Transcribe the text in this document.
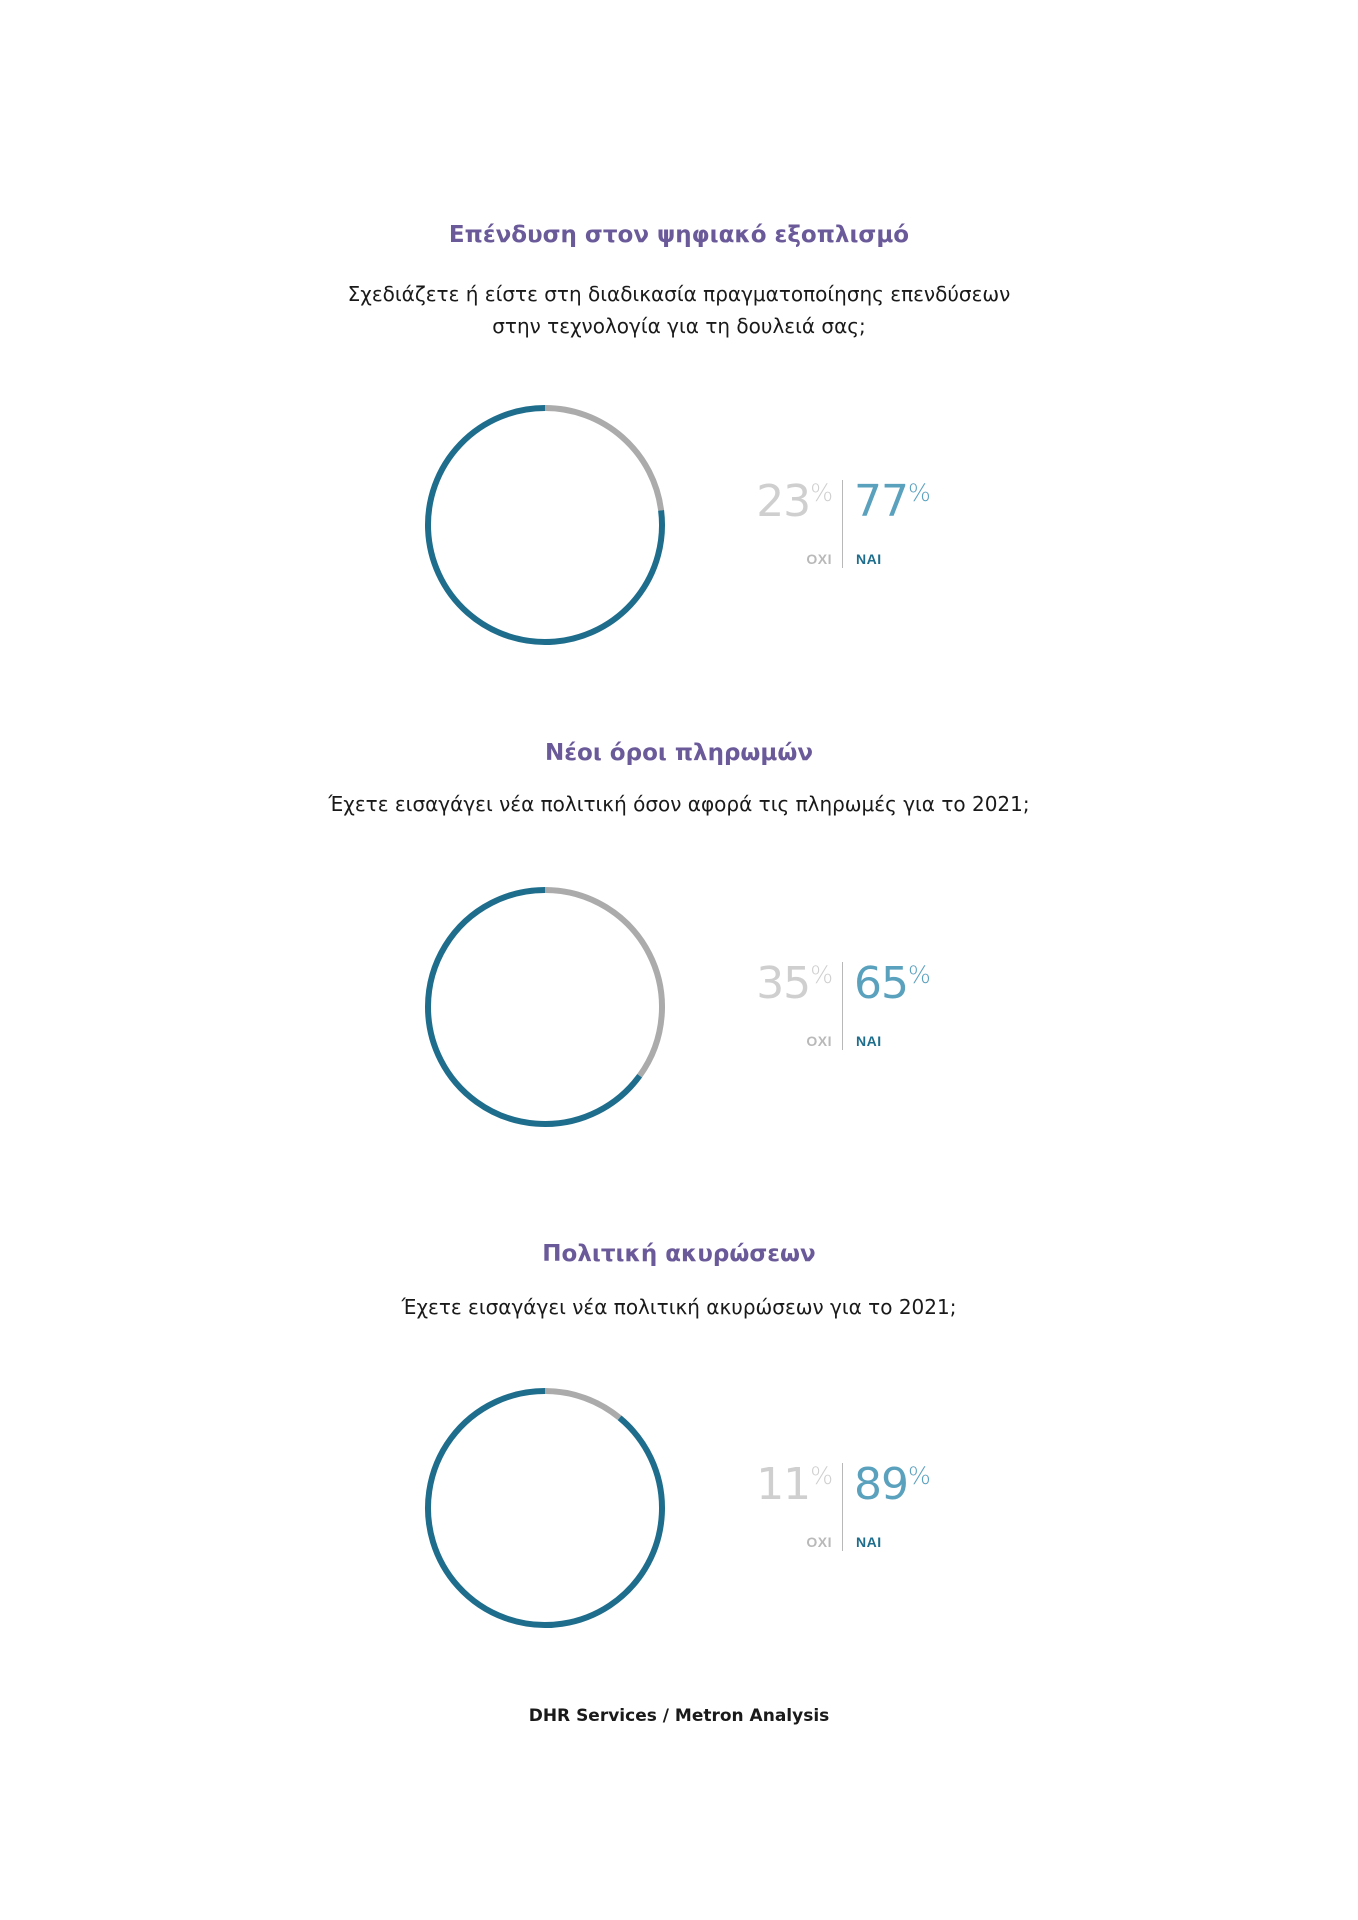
Επένδυση στον ψηφιακό εξοπλισμό
Σχεδιάζετε ή είστε στη διαδικασία πραγματοποίησης επενδύσεων
στην τεχνολογία για τη δουλειά σας;
23% 77%
ΟΧΙ ΝΑΙ
Νέοι όροι πληρωμών
Έχετε εισαγάγει νέα πολιτική όσον αφορά τις πληρωμές για το 2021;
35% 65%
ΟΧΙ ΝΑΙ
Πολιτική ακυρώσεων
Έχετε εισαγάγει νέα πολιτική ακυρώσεων για το 2021;
11% 89%
ΟΧΙ ΝΑΙ
DHR Services / Metron Analysis
